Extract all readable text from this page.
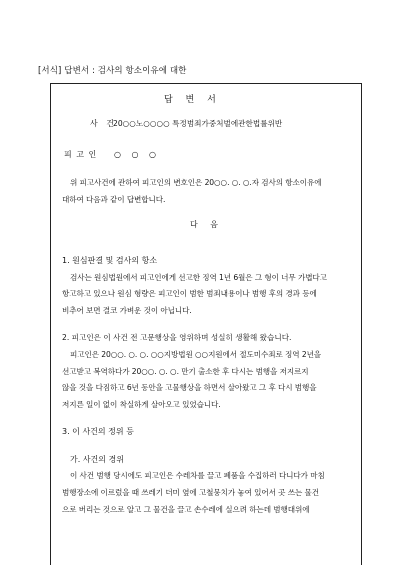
[서식] 답변서 : 검사의 항소이유에 대한
답 변 서
사 건
20○○노○○○○ 특정범죄가중처벌에관한법률위반
피 고 인 ○ ○ ○
위 피고사건에 관하여 피고인의 변호인은 20○○. ○. ○.자 검사의 항소이유에
대하여 다음과 같이 답변합니다.
다 음
1. 원심판결 및 검사의 항소
검사는 원심법원에서 피고인에게 선고한 징역 1년 6월은 그 형이 너무 가볍다고
항고하고 있으나 원심 형량은 피고인이 범한 범죄내용이나 범행 후의 경과 등에
비추어 보면 결코 가벼운 것이 아닙니다.
2. 피고인은 이 사건 전 고문행상을 영위하며 성실히 생활해 왔습니다.
피고인은 20○○. ○. ○. ○○지방법원 ○○지원에서 절도미수죄로 징역 2년을
선고받고 복역하다가 20○○. ○. ○. 만기 출소한 후 다시는 범행을 저지르지
않을 것을 다짐하고 6년 동안을 고물행상을 하면서 살아왔고 그 후 다시 범행을
저지른 일이 없이 착실하게 살아오고 있었습니다.
3. 이 사건의 정위 등
가. 사건의 경위
이 사건 범행 당시에도 피고인은 수레차를 끌고 폐품을 수집하러 다니다가 마침
범행장소에 이르렀을 때 쓰레기 더미 옆에 고철뭉치가 놓여 있어서 곳 쓰는 물건
으로 버리는 것으로 알고 그 물건을 끌고 손수레에 실으려 하는데 범행대위에
